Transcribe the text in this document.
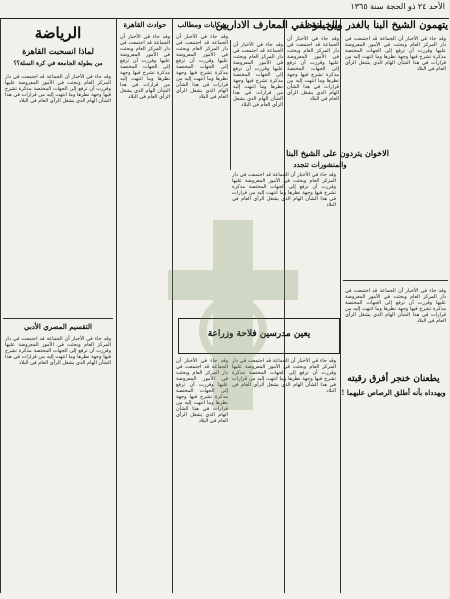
الأحد ٢٤ ذو الحجة سنة ١٣٦٥
يتهمون الشيخ البنا بالغدر والخيانة
وقد جاء في الأخبار أن الجماعة قد اجتمعت في دار المركز العام وبحثت في الأمور المعروضة عليها وقررت أن ترفع إلى الجهات المختصة مذكرة تشرح فيها وجهة نظرها وما انتهت إليه من قرارات في هذا الشأن الهام الذي يشغل الرأي العام في البلاد
وقد جاء في الأخبار أن الجماعة قد اجتمعت في دار المركز العام وبحثت في الأمور المعروضة عليها وقررت أن ترفع إلى الجهات المختصة مذكرة تشرح فيها وجهة نظرها وما انتهت إليه من قرارات في هذا الشأن الهام الذي يشغل الرأي العام في البلاد
وقد جاء في الأخبار أن الجماعة قد اجتمعت في دار المركز العام وبحثت في الأمور المعروضة عليها وقررت أن ترفع إلى الجهات المختصة مذكرة تشرح فيها وجهة نظرها وما انتهت إليه من قرارات في هذا الشأن الهام الذي يشغل الرأي العام في البلاد
بين موظفي المعارف الاداريين
الاخوان يتردون على الشيخ البنا
والمنشورات تتجدد
وقد جاء في الأخبار أن الجماعة قد اجتمعت في دار المركز العام وبحثت في الأمور المعروضة عليها وقررت أن ترفع إلى الجهات المختصة مذكرة تشرح فيها وجهة نظرها وما انتهت إليه من قرارات في هذا الشأن الهام الذي يشغل الرأي العام في البلاد
وقد جاء في الأخبار أن الجماعة قد اجتمعت في دار المركز العام وبحثت في الأمور المعروضة عليها وقررت أن ترفع إلى الجهات المختصة مذكرة تشرح فيها وجهة نظرها وما انتهت إليه من قرارات في هذا الشأن الهام الذي يشغل الرأي العام في البلاد
يعين مدرسين فلاحة وزراعة
وقد جاء في الأخبار أن الجماعة قد اجتمعت في دار المركز العام وبحثت في الأمور المعروضة عليها وقررت أن ترفع إلى الجهات المختصة مذكرة تشرح فيها وجهة نظرها وما انتهت إليه من قرارات في هذا الشأن الهام الذي يشغل الرأي العام في البلاد
يطعنان خنجر أفرق رقبته
ويهدداه بأنه أطلق الرصاص عليهما !
شكايات ومطالب
وقد جاء في الأخبار أن الجماعة قد اجتمعت في دار المركز العام وبحثت في الأمور المعروضة عليها وقررت أن ترفع إلى الجهات المختصة مذكرة تشرح فيها وجهة نظرها وما انتهت إليه من قرارات في هذا الشأن الهام الذي يشغل الرأي العام في البلاد
وقد جاء في الأخبار أن الجماعة قد اجتمعت في دار المركز العام وبحثت في الأمور المعروضة عليها وقررت أن ترفع إلى الجهات المختصة مذكرة تشرح فيها وجهة نظرها وما انتهت إليه من قرارات في هذا الشأن الهام الذي يشغل الرأي العام في البلاد
حوادث القاهرة
وقد جاء في الأخبار أن الجماعة قد اجتمعت في دار المركز العام وبحثت في الأمور المعروضة عليها وقررت أن ترفع إلى الجهات المختصة مذكرة تشرح فيها وجهة نظرها وما انتهت إليه من قرارات في هذا الشأن الهام الذي يشغل الرأي العام في البلاد
الرياضة
لماذا انسحبت القاهرة
من بطولة الجامعة في كرة السلة؟؟
وقد جاء في الأخبار أن الجماعة قد اجتمعت في دار المركز العام وبحثت في الأمور المعروضة عليها وقررت أن ترفع إلى الجهات المختصة مذكرة تشرح فيها وجهة نظرها وما انتهت إليه من قرارات في هذا الشأن الهام الذي يشغل الرأي العام في البلاد
التقسيم المصري الأدبي
وقد جاء في الأخبار أن الجماعة قد اجتمعت في دار المركز العام وبحثت في الأمور المعروضة عليها وقررت أن ترفع إلى الجهات المختصة مذكرة تشرح فيها وجهة نظرها وما انتهت إليه من قرارات في هذا الشأن الهام الذي يشغل الرأي العام في البلاد
